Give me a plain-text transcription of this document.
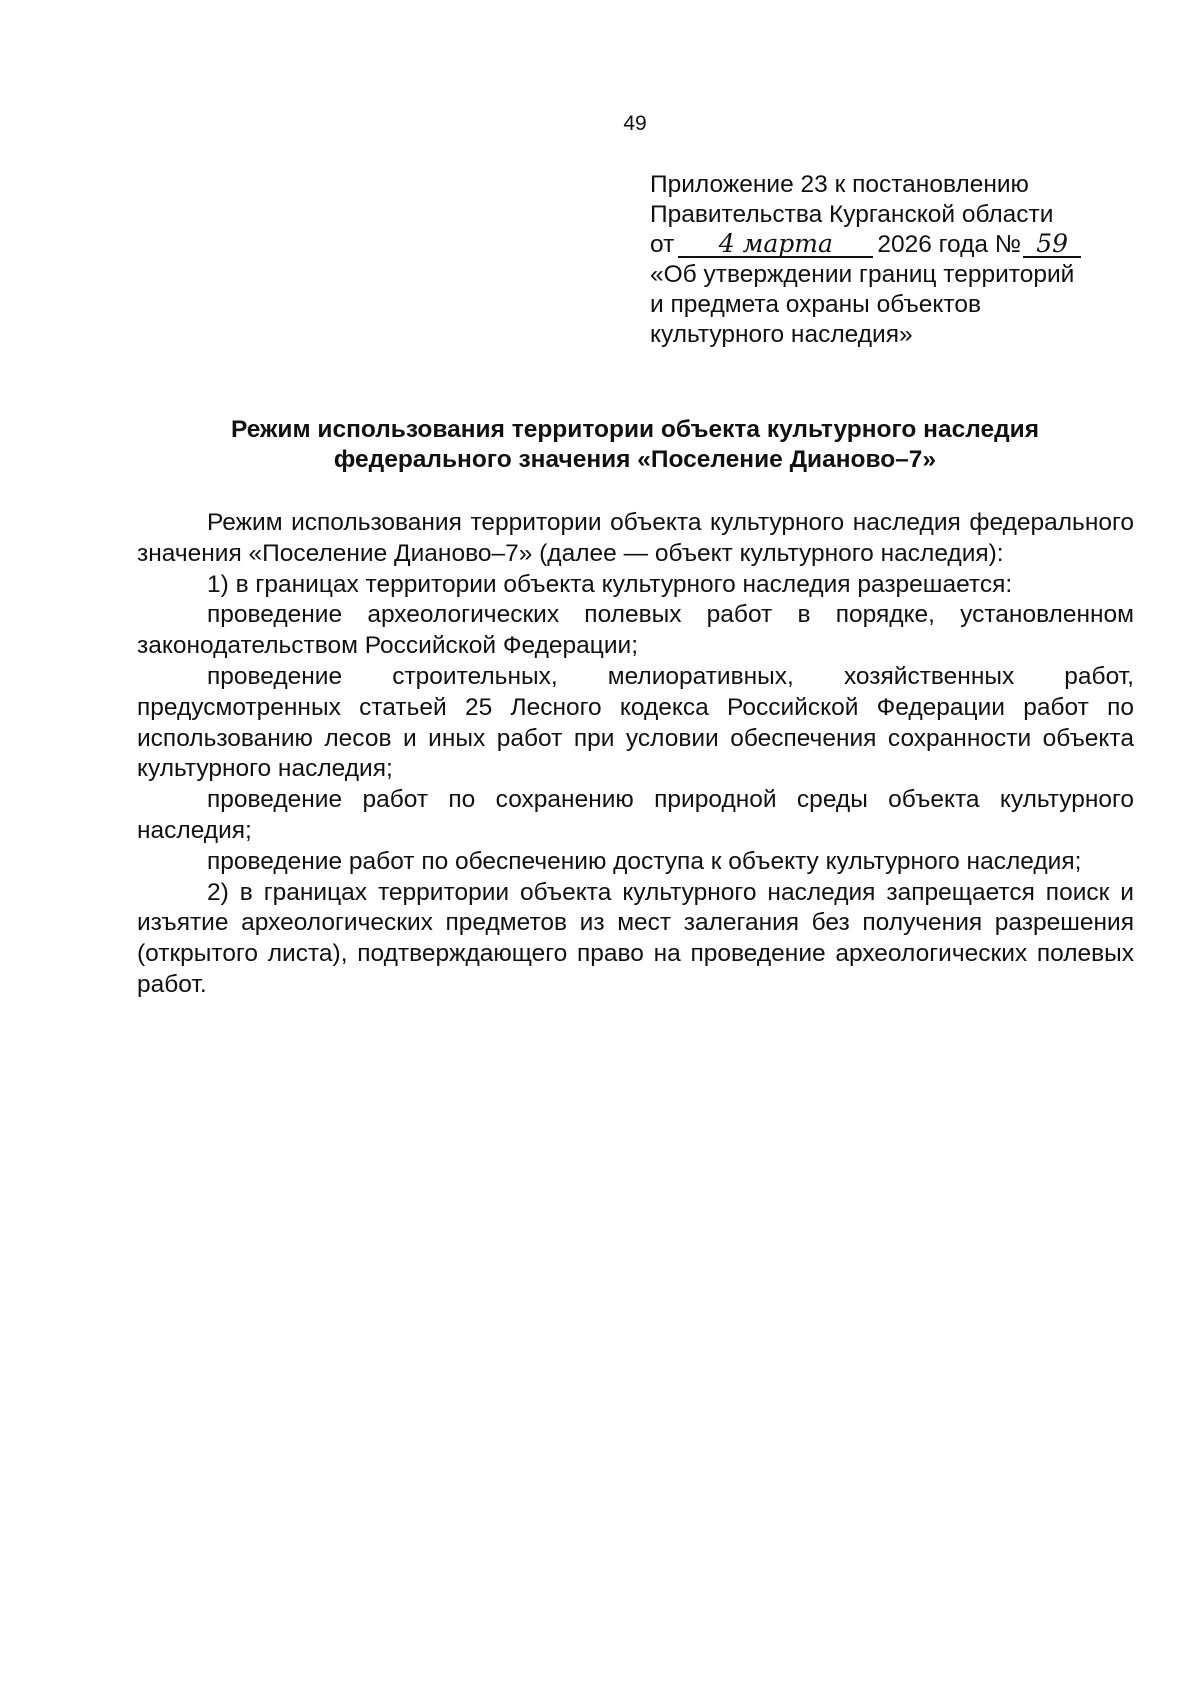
49
Приложение 23 к постановлению
Правительства Курганской области
от 4 марта 2026 года № 59
«Об утверждении границ территорий
и предмета охраны объектов
культурного наследия»
Режим использования территории объекта культурного наследия
федерального значения «Поселение Дианово–7»

Режим использования территории объекта культурного наследия федерального значения «Поселение Дианово–7» (далее — объект культурного наследия):

1) в границах территории объекта культурного наследия разрешается:

проведение археологических полевых работ в порядке, установленном законодательством Российской Федерации;

проведение строительных, мелиоративных, хозяйственных работ, предусмотренных статьей 25 Лесного кодекса Российской Федерации работ по использованию лесов и иных работ при условии обеспечения сохранности объекта культурного наследия;

проведение работ по сохранению природной среды объекта культурного наследия;

проведение работ по обеспечению доступа к объекту культурного наследия;

2) в границах территории объекта культурного наследия запрещается поиск и изъятие археологических предметов из мест залегания без получения разрешения (открытого листа), подтверждающего право на проведение археологических полевых работ.
